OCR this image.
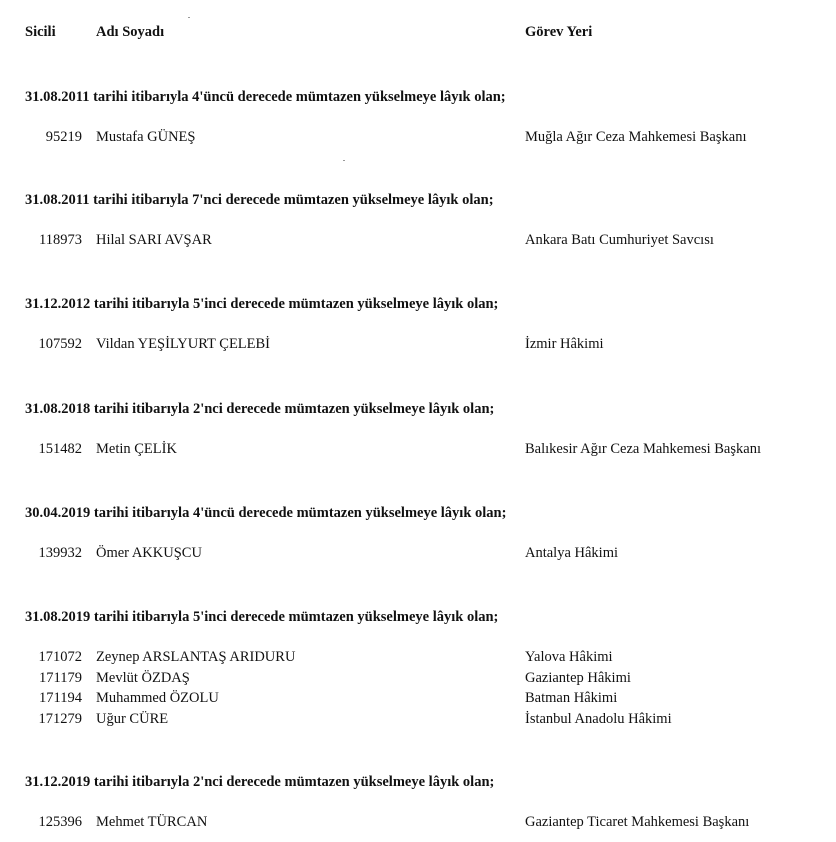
Sicili	Adı Soyadı	Görev Yeri
31.08.2011 tarihi itibarıyla 4'üncü derecede mümtazen yükselmeye lâyık olan;
95219 Mustafa GÜNEŞ	Muğla Ağır Ceza Mahkemesi Başkanı
31.08.2011 tarihi itibarıyla 7'nci derecede mümtazen yükselmeye lâyık olan;
118973 Hilal SARI AVŞAR	Ankara Batı Cumhuriyet Savcısı
31.12.2012 tarihi itibarıyla 5'inci derecede mümtazen yükselmeye lâyık olan;
107592 Vildan YEŞİLYURT ÇELEBİ	İzmir Hâkimi
31.08.2018 tarihi itibarıyla 2'nci derecede mümtazen yükselmeye lâyık olan;
151482 Metin ÇELİK	Balıkesir Ağır Ceza Mahkemesi Başkanı
30.04.2019 tarihi itibarıyla 4'üncü derecede mümtazen yükselmeye lâyık olan;
139932 Ömer AKKUŞCU	Antalya Hâkimi
31.08.2019 tarihi itibarıyla 5'inci derecede mümtazen yükselmeye lâyık olan;
171072 Zeynep ARSLANTAŞ ARIDURU	Yalova Hâkimi
171179 Mevlüt ÖZDAŞ	Gaziantep Hâkimi
171194 Muhammed ÖZOLU	Batman Hâkimi
171279 Uğur CÜRE	İstanbul Anadolu Hâkimi
31.12.2019 tarihi itibarıyla 2'nci derecede mümtazen yükselmeye lâyık olan;
125396 Mehmet TÜRCAN	Gaziantep Ticaret Mahkemesi Başkanı
